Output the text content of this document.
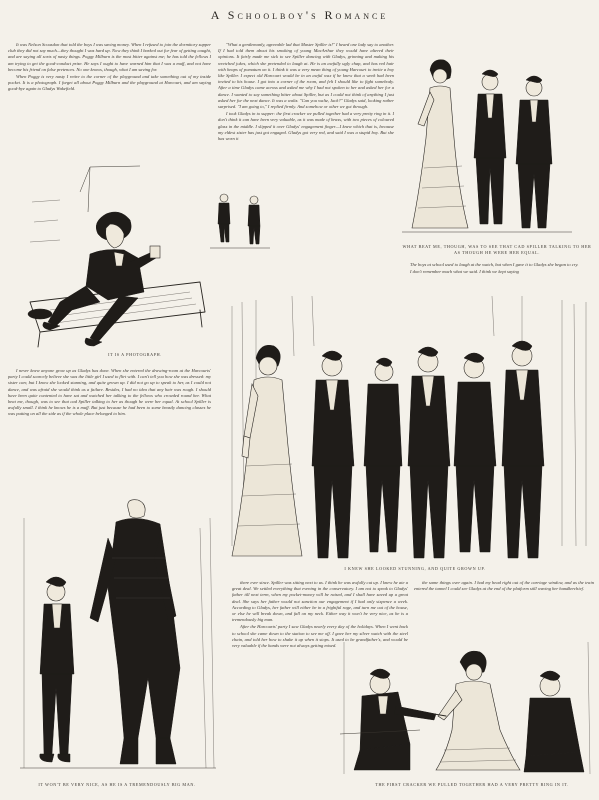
A Schoolboy's Romance

It was Nelson Scousdon that told the boys I was saving money. When I refused to join the dormitory supper club they did not say much—they thought I was hard up. Now they think I barked out for fear of getting caught, and are saying all sorts of nasty things. Poggy Milburn is the most bitter against me; he has told the fellows I am trying to get the good-conduct prize. He says I ought to have warned him that I was a muff, and not have become his friend on false pretences. No one knows, though, what I am saving for.

When Poggy is very nasty I retire to the corner of the playground and take something out of my inside pocket. It is a photograph. I forget all about Poggy Milburn and the playground at Harcourt, and am saying good-bye again to Gladys Wakefield.

"What a gentlemanly, agreeable lad that Master Spiller is!" I heard one lady say to another. If I had told them about his smoking of young MacArthur they would have altered their opinions. It fairly made me sick to see Spiller dancing with Gladys, grinning and making his wretched jokes, which she pretended to laugh at. He is an awfully ugly chap, and has red hair with heaps of pomatum on it. I think it was a very mean thing of young Harcourt to invite a boy like Spiller. I expect old Harcourt would be in an awful wax if he knew that a week had been invited to his house. I got into a corner of the room, and felt I should like to fight somebody. After a time Gladys came across and asked me why I had not spoken to her and asked her for a dance. I wanted to say something bitter about Spiller, but as I could not think of anything I just asked her for the next dance. It was a waltz. "Can you waltz, Jack?" Gladys said, looking rather surprised. "I am going to," I replied firmly. And somehow or other we got through.

I took Gladys in to supper: the first cracker we pulled together had a very pretty ring in it. I don't think it can have been very valuable, as it was made of brass, with two pieces of coloured glass in the middle. I slipped it over Gladys' engagement finger—I knew which that is, because my eldest sister has just got engaged. Gladys got very red, and said I was a stupid boy. But she has worn it

IT IS A PHOTOGRAPH.
WHAT BEAT ME, THOUGH, WAS TO SEE THAT CAD SPILLER TALKING TO HER AS THOUGH HE WERE HER EQUAL.

The boys at school used to laugh at the watch, but when I gave it to Gladys she began to cry.

I don't remember much what we said. I think we kept saying

I never knew anyone grow up as Gladys has done. When she entered the drawing-room at the Harcourts' party I could scarcely believe she was the little girl I used to flirt with. I can't tell you how she was dressed: my sister can; but I know she looked stunning, and quite grown up. I did not go up to speak to her, as I could not dance, and was afraid she would think us a failure. Besides, I had no idea that any hair was rough. I should have been quite contented to have sat and watched her talking to the fellows who crowded round her. What beat me, though, was to see that cad Spiller talking to her as though he were her equal. At school Spiller is awfully small. I think he knows he is a muff. But just because he had been to some beastly dancing classes he was putting on all the side as if the whole place belonged to him.

I KNEW SHE LOOKED STUNNING, AND QUITE GROWN UP.
IT WON'T BE VERY NICE, AS HE IS A TREMENDOUSLY BIG MAN.

there ever since. Spiller was sitting next to us. I think he was awfully cut up. I knew he ate a great deal. We settled everything that evening in the conservatory. I am not to speak to Gladys' father till next term, when my pocket-money will be raised, and I shall have saved up a great deal. She says her father would not sanction our engagement if I had only sixpence a week. According to Gladys, her father will either be in a frightful rage, and turn me out of the house, or else he will break down, and fall on my neck. Either way it won't be very nice, as he is a tremendously big man.

After the Harcourts' party I saw Gladys nearly every day of the holidays. When I went back to school she came down to the station to see me off. I gave her my silver watch with the steel chain, and told her how to shake it up when it stops. It used to be grandfather's, and would be very valuable if the hands were not always getting mixed.

the same things over again. I had my head right out of the carriage window, and as the train entered the tunnel I could see Gladys at the end of the platform still waving her handkerchief.

THE FIRST CRACKER WE PULLED TOGETHER HAD A VERY PRETTY RING IN IT.
